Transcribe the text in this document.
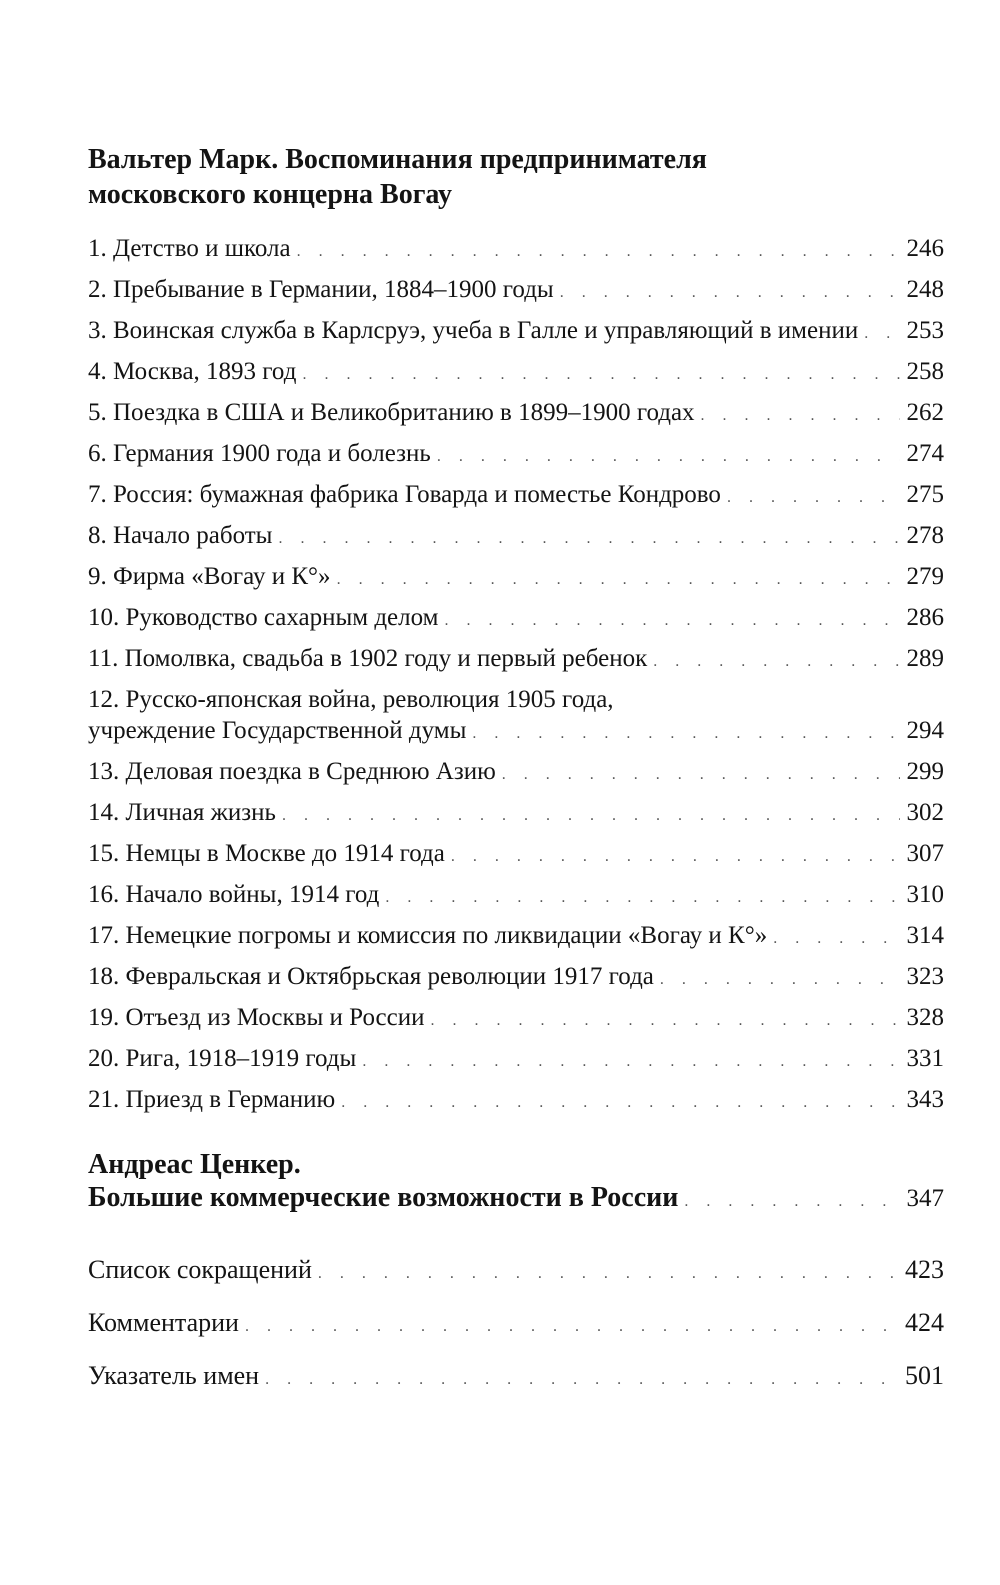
Вальтер Марк. Воспоминания предпринимателя
московского концерна Вогау
1. Детство и школа . . .	246
2. Пребывание в Германии, 1884–1900 годы . . .	248
3. Воинская служба в Карлсруэ, учеба в Галле и управляющий в имении . . . 253
4. Москва, 1893 год . . .	258
5. Поездка в США и Великобританию в 1899–1900 годах . . .	262
6. Германия 1900 года и болезнь . . .	274
7. Россия: бумажная фабрика Говарда и поместье Кондрово . . .	275
8. Начало работы . . .	278
9. Фирма «Вогау и К°» . . .	279
10. Руководство сахарным делом . . .	286
11. Помолвка, свадьба в 1902 году и первый ребенок . . .	289
12. Русско-японская война, революция 1905 года,
учреждение Государственной думы . . .	294
13. Деловая поездка в Среднюю Азию . . .	299
14. Личная жизнь . . .	302
15. Немцы в Москве до 1914 года . . .	307
16. Начало войны, 1914 год . . .	310
17. Немецкие погромы и комиссия по ликвидации «Вогау и К°» . . .	314
18. Февральская и Октябрьская революции 1917 года . . .	323
19. Отъезд из Москвы и России . . .	328
20. Рига, 1918–1919 годы . . .	331
21. Приезд в Германию . . .	343
Андреас Ценкер.
Большие коммерческие возможности в России . . .	347
Список сокращений . . .	423
Комментарии . . .	424
Указатель имен . . .	501
